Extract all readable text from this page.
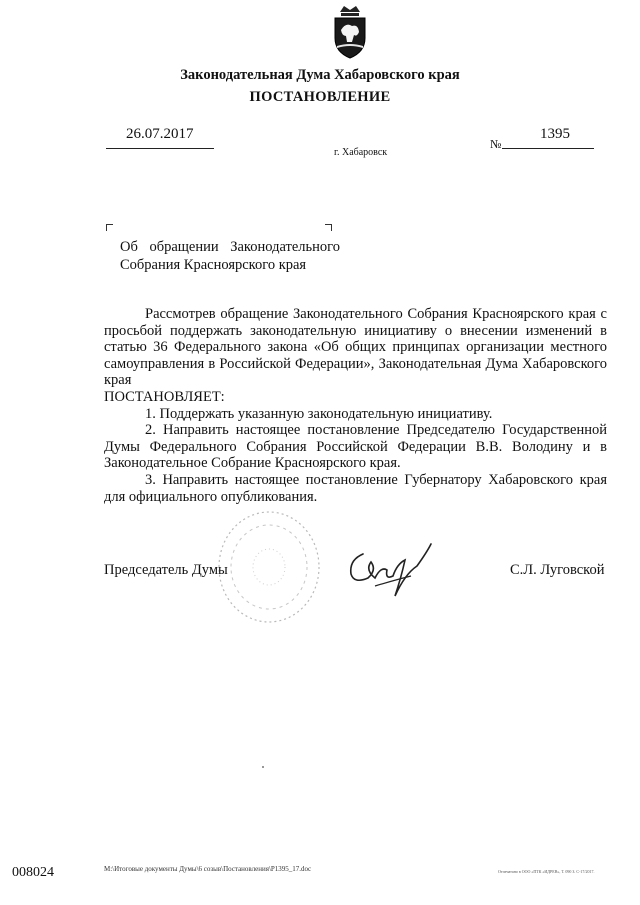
Законодательная Дума Хабаровского края
ПОСТАНОВЛЕНИЕ
26.07.2017
г. Хабаровск
№
1395
Об обращении Законодательного Собрания Красноярского края

Рассмотрев обращение Законодательного Собрания Красноярского края с просьбой поддержать законодательную инициативу о внесении изменений в статью 36 Федерального закона «Об общих принципах организации местного самоуправления в Российской Федерации», Законодательная Дума Хабаровского края

ПОСТАНОВЛЯЕТ:

1. Поддержать указанную законодательную инициативу.

2. Направить настоящее постановление Председателю Государственной Думы Федерального Собрания Российской Федерации В.В. Володину и в Законодательное Собрание Красноярского края.

3. Направить настоящее постановление Губернатору Хабаровского края для официального опубликования.

Председатель Думы	С.Л. Луговской
008024	M:\Итоговые документы Думы\6 созыв\Постановления\P1395_17.doc	Отпечатано в ООО «ПТК «ИДРЕВ», Т. 090 З. С-17/2017.
